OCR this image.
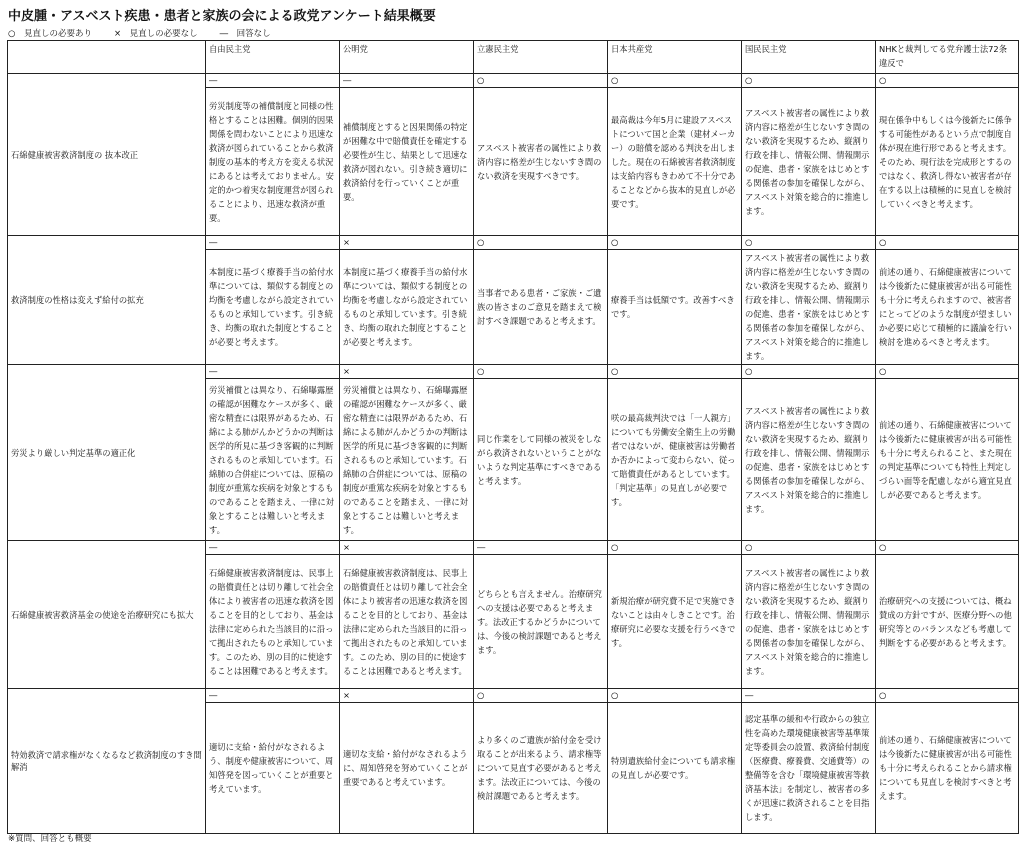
中皮腫・アスベスト疾患・患者と家族の会による政党アンケート結果概要
○　 見直しの必要あり	×　 見直しの必要なし	―　 回答なし
	自由民主党	公明党	立憲民主党	日本共産党	国民民主党	NHKと裁判してる党弁護士法72条違反で
石綿健康被害救済制度の 抜本改正	―	―	○	○	○	○
	労災制度等の補償制度と同様の性格とすることは困難。個別的因果関係を問わないことにより迅速な救済が図られていることから救済制度の基本的考え方を変える状況にあるとは考えておりません。安定的かつ着実な制度運営が図られることにより、迅速な救済が重要。	補償制度とすると因果関係の特定が困難な中で賠償責任を確定する必要性が生じ、結果として迅速な救済が図れない。引き続き適切に救済給付を行っていくことが重要。	アスベスト被害者の属性により救済内容に格差が生じないすき間のない救済を実現すべきです。	最高裁は今年5月に建設アスベストについて国と企業（建材メーカー）の賠償を認める判決を出しました。現在の石綿被害者救済制度は支給内容もきわめて不十分であることなどから抜本的見直しが必要です。	アスベスト被害者の属性により救済内容に格差が生じないすき間のない救済を実現するため、縦割り行政を排し、情報公開、情報開示の促進、患者・家族をはじめとする関係者の参加を確保しながら、アスベスト対策を総合的に推進します。	現在係争中もしくは今後新たに係争する可能性があるという点で制度自体が現在進行形であると考えます。そのため、現行法を完成形とするのではなく、救済し得ない被害者が存在する以上は積極的に見直しを検討していくべきと考えます。
救済制度の性格は変えず給付の拡充	―	×	○	○	○	○
	本制度に基づく療養手当の給付水準については、類似する制度との均衡を考慮しながら設定されているものと承知しています。引き続き、均衡の取れた制度とすることが必要と考えます。	本制度に基づく療養手当の給付水準については、類似する制度との均衡を考慮しながら設定されているものと承知しています。引き続き、均衡の取れた制度とすることが必要と考えます。	当事者である患者・ご家族・ご遺族の皆さまのご意見を踏まえて検討すべき課題であると考えます。	療養手当は低額です。改善すべきです。	アスベスト被害者の属性により救済内容に格差が生じないすき間のない救済を実現するため、縦割り行政を排し、情報公開、情報開示の促進、患者・家族をはじめとする関係者の参加を確保しながら、アスベスト対策を総合的に推進します。	前述の通り、石綿健康被害については今後新たに健康被害が出る可能性も十分に考えられますので、被害者にとってどのような制度が望ましいか必要に応じて積極的に議論を行い検討を進めるべきと考えます。
労災より厳しい判定基準の適正化	―	×	○	○	○	○
	労災補償とは異なり、石綿曝露歴の確認が困難なケースが多く、厳密な精査には限界があるため、石綿による肺がんかどうかの判断は医学的所見に基づき客観的に判断されるものと承知しています。石綿肺の合併症については、原稿の制度が重篤な疾病を対象とするものであることを踏まえ、一律に対象とすることは難しいと考えます。	労災補償とは異なり、石綿曝露歴の確認が困難なケースが多く、厳密な精査には限界があるため、石綿による肺がんかどうかの判断は医学的所見に基づき客観的に判断されるものと承知しています。石綿肺の合併症については、原稿の制度が重篤な疾病を対象とするものであることを踏まえ、一律に対象とすることは難しいと考えます。	同じ作業をして同様の被災をしながら救済されないということがないような判定基準にすべきであると考えます。	咲の最高裁判決では「一人親方」についても労働安全衛生上の労働者ではないが、健康被害は労働者か否かによって変わらない、従って賠償責任があるとしています。「判定基準」の見直しが必要です。	アスベスト被害者の属性により救済内容に格差が生じないすき間のない救済を実現するため、縦割り行政を排し、情報公開、情報開示の促進、患者・家族をはじめとする関係者の参加を確保しながら、アスベスト対策を総合的に推進します。	前述の通り、石綿健康被害については今後新たに健康被害が出る可能性も十分に考えられること、また現在の判定基準についても特性上判定しづらい面等を配慮しながら適宜見直しが必要であると考えます。
石綿健康被害救済基金の使途を治療研究にも拡大	―	×	―	○	○	○
	石綿健康被害救済制度は、民事上の賠償責任とは切り離して社会全体により被害者の迅速な救済を図ることを目的としており、基金は法律に定められた当該目的に沿って拠出されたものと承知しています。このため、別の目的に使途することは困難であると考えます。	石綿健康被害救済制度は、民事上の賠償責任とは切り離して社会全体により被害者の迅速な救済を図ることを目的としており、基金は法律に定められた当該目的に沿って拠出されたものと承知しています。このため、別の目的に使途することは困難であると考えます。	どちらとも言えません。治療研究への支援は必要であると考えます。法改正するかどうかについては、今後の検討課題であると考えます。	新規治療が研究費不足で実施できないことは由々しきことです。治療研究に必要な支援を行うべきです。	アスベスト被害者の属性により救済内容に格差が生じないすき間のない救済を実現するため、縦割り行政を排し、情報公開、情報開示の促進、患者・家族をはじめとする関係者の参加を確保しながら、アスベスト対策を総合的に推進します。	治療研究への支援については、概ね賛成の方針ですが、医療分野への他研究等とのバランスなども考慮して判断をする必要があると考えます。
特効救済で請求権がなくなるなど救済制度のすき間解消	―	×	○	○	―	○
	適切に支給・給付がなされるよう、制度や健康被害について、周知啓発を図っていくことが重要と考えています。	適切な支給・給付がなされるように、周知啓発を努めていくことが重要であると考えています。	より多くのご遺族が給付金を受け取ることが出来るよう、請求権等について見直す必要があると考えます。法改正については、今後の検討課題であると考えます。	特別遺族給付金についても請求権の見直しが必要です。	認定基準の緩和や行政からの独立性を高めた環境健康被害等基準策定等委員会の設置、救済給付制度（医療費、療養費、交通費等）の整備等を含む「環境健康被害等救済基本法」を制定し、被害者の多くが迅速に救済されることを目指します。	前述の通り、石綿健康被害については今後新たに健康被害が出る可能性も十分に考えられることから請求権についても見直しを検討すべきと考えます。
※質問、回答とも概要
